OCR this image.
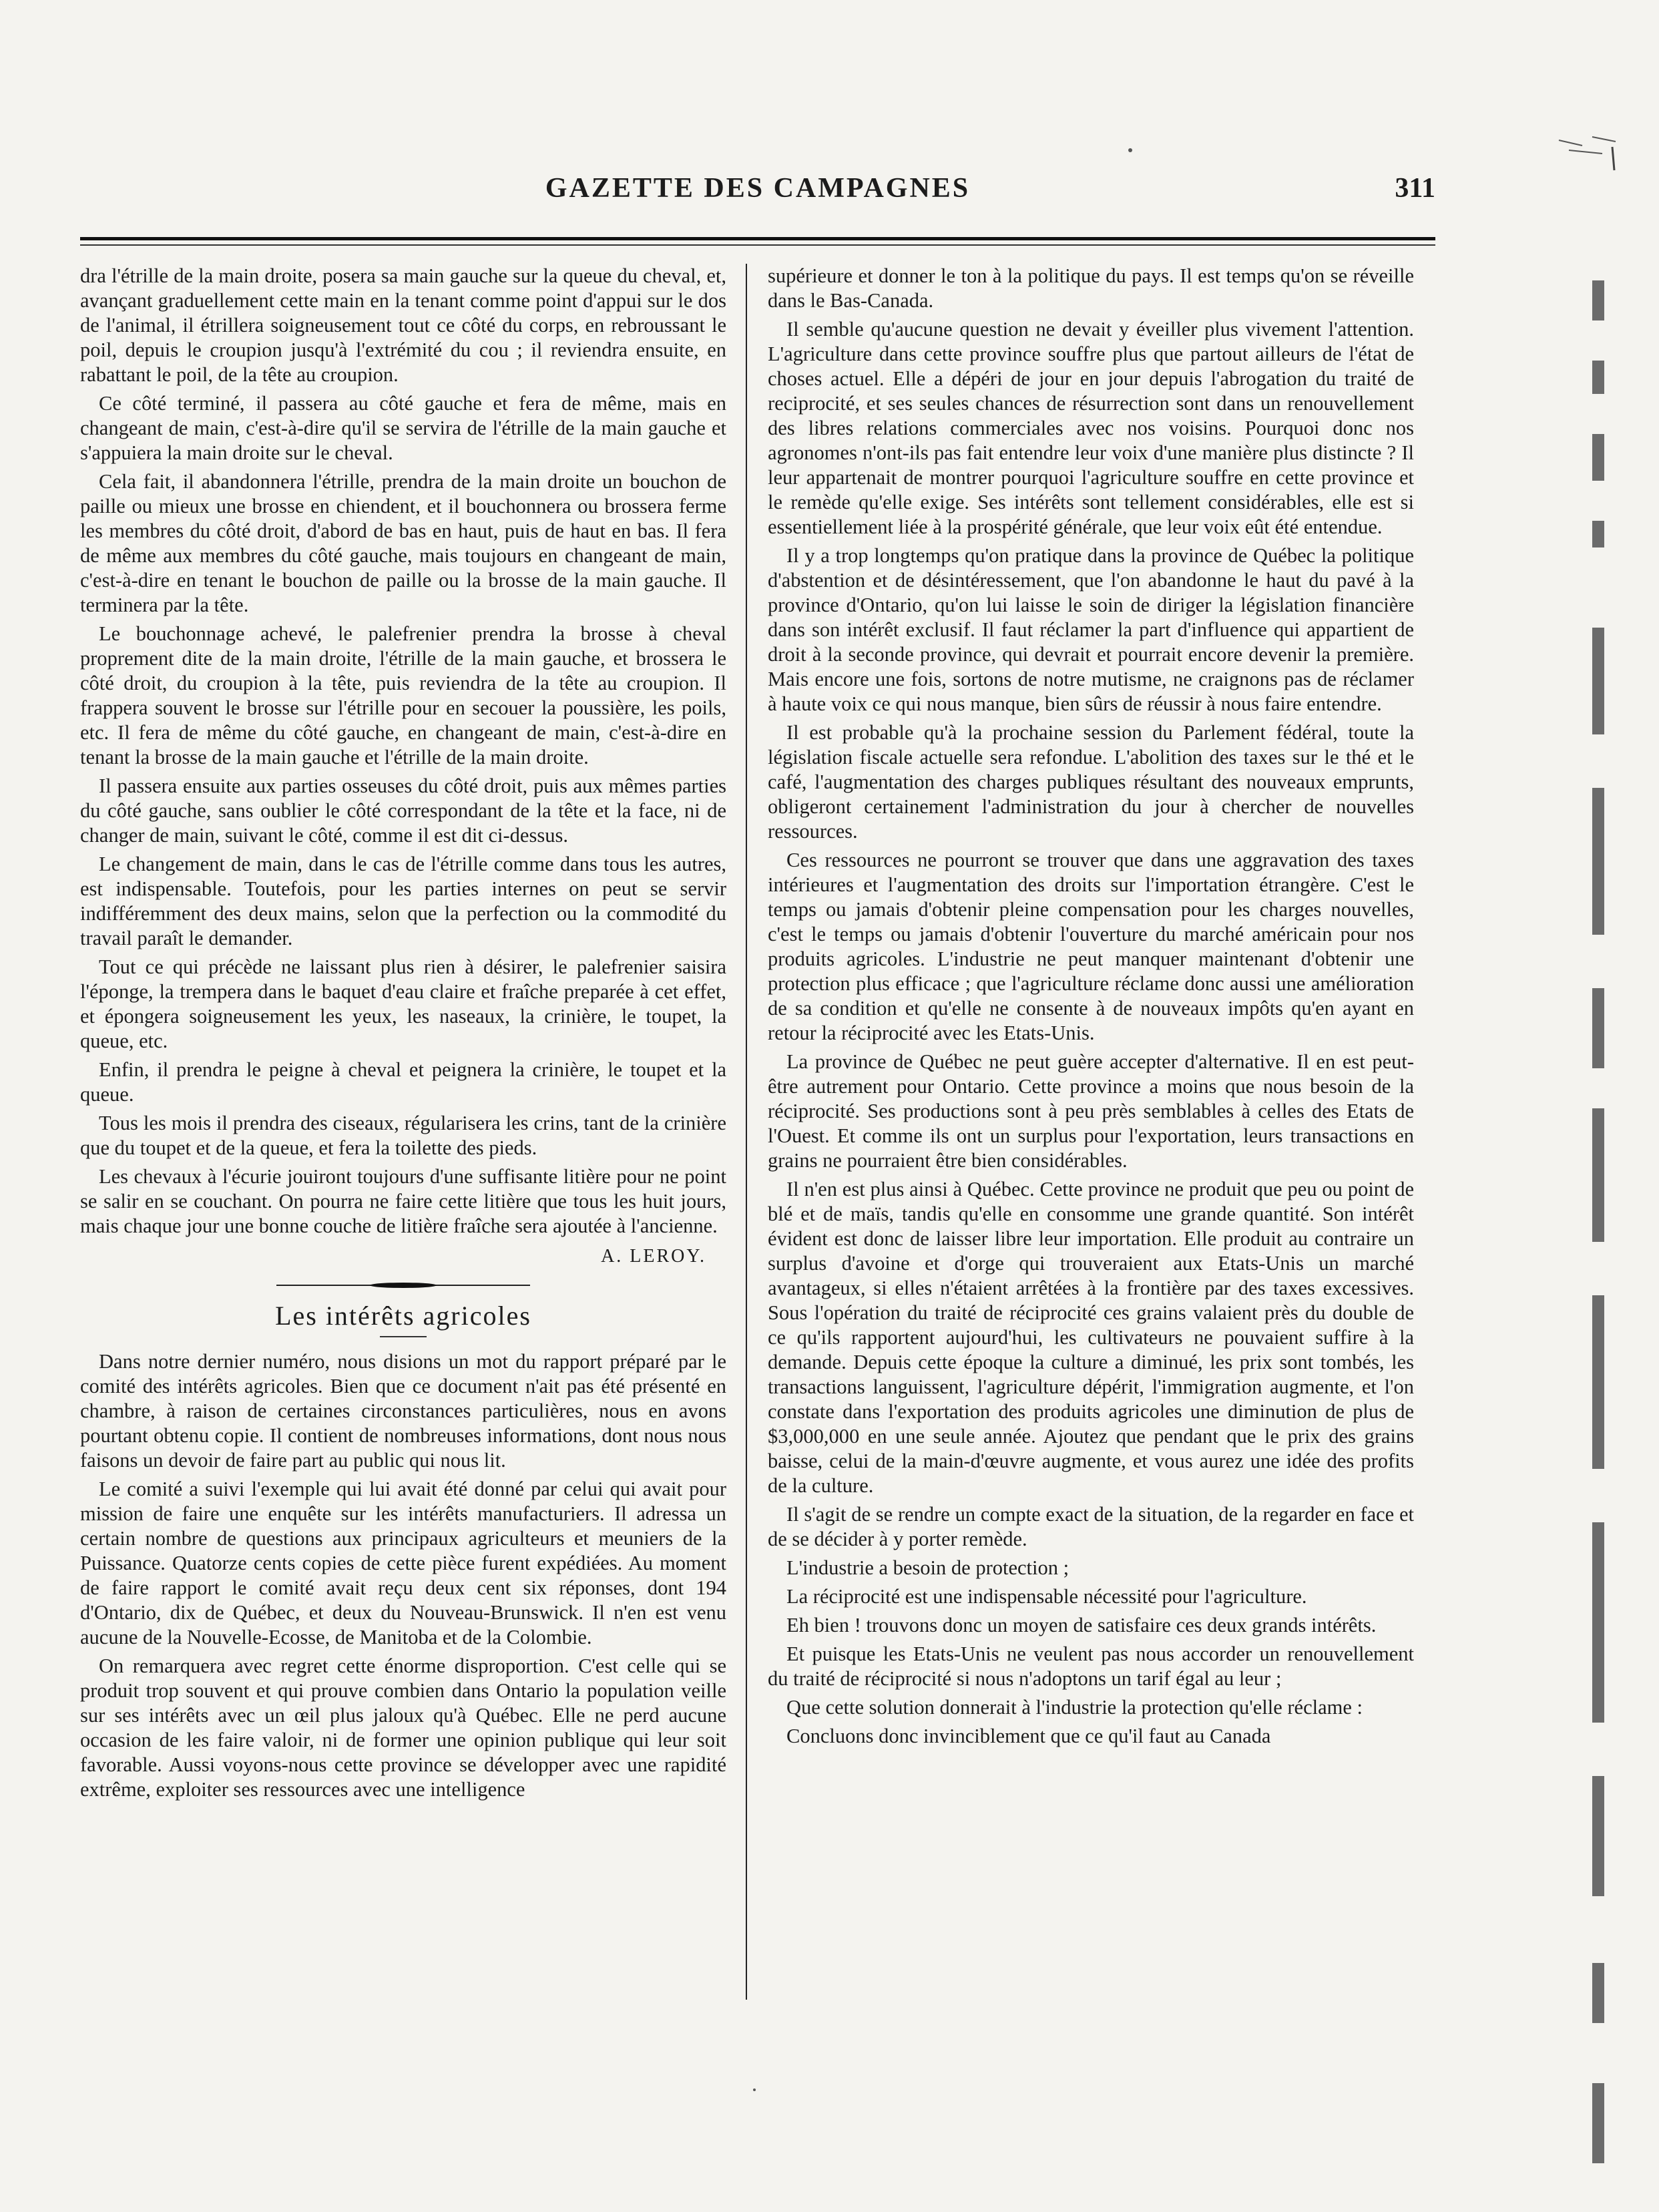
GAZETTE DES CAMPAGNES	311

dra l'étrille de la main droite, posera sa main gauche sur la queue du cheval, et, avançant graduellement cette main en la tenant comme point d'appui sur le dos de l'animal, il étrillera soigneusement tout ce côté du corps, en rebroussant le poil, depuis le croupion jusqu'à l'extrémité du cou ; il reviendra ensuite, en rabattant le poil, de la tête au croupion.

Ce côté terminé, il passera au côté gauche et fera de même, mais en changeant de main, c'est-à-dire qu'il se servira de l'étrille de la main gauche et s'appuiera la main droite sur le cheval.

Cela fait, il abandonnera l'étrille, prendra de la main droite un bouchon de paille ou mieux une brosse en chiendent, et il bouchonnera ou brossera ferme les membres du côté droit, d'abord de bas en haut, puis de haut en bas. Il fera de même aux membres du côté gauche, mais toujours en changeant de main, c'est-à-dire en tenant le bouchon de paille ou la brosse de la main gauche. Il terminera par la tête.

Le bouchonnage achevé, le palefrenier prendra la brosse à cheval proprement dite de la main droite, l'étrille de la main gauche, et brossera le côté droit, du croupion à la tête, puis reviendra de la tête au croupion. Il frappera souvent le brosse sur l'étrille pour en secouer la poussière, les poils, etc. Il fera de même du côté gauche, en changeant de main, c'est-à-dire en tenant la brosse de la main gauche et l'étrille de la main droite.

Il passera ensuite aux parties osseuses du côté droit, puis aux mêmes parties du côté gauche, sans oublier le côté correspondant de la tête et la face, ni de changer de main, suivant le côté, comme il est dit ci-dessus.

Le changement de main, dans le cas de l'étrille comme dans tous les autres, est indispensable. Toutefois, pour les parties internes on peut se servir indifféremment des deux mains, selon que la perfection ou la commodité du travail paraît le demander.

Tout ce qui précède ne laissant plus rien à désirer, le palefrenier saisira l'éponge, la trempera dans le baquet d'eau claire et fraîche preparée à cet effet, et épongera soigneusement les yeux, les naseaux, la crinière, le toupet, la queue, etc.

Enfin, il prendra le peigne à cheval et peignera la crinière, le toupet et la queue.

Tous les mois il prendra des ciseaux, régularisera les crins, tant de la crinière que du toupet et de la queue, et fera la toilette des pieds.

Les chevaux à l'écurie jouiront toujours d'une suffisante litière pour ne point se salir en se couchant. On pourra ne faire cette litière que tous les huit jours, mais chaque jour une bonne couche de litière fraîche sera ajoutée à l'ancienne.

A. LEROY.

Les intérêts agricoles

Dans notre dernier numéro, nous disions un mot du rapport préparé par le comité des intérêts agricoles. Bien que ce document n'ait pas été présenté en chambre, à raison de certaines circonstances particulières, nous en avons pourtant obtenu copie. Il contient de nombreuses informations, dont nous nous faisons un devoir de faire part au public qui nous lit.

Le comité a suivi l'exemple qui lui avait été donné par celui qui avait pour mission de faire une enquête sur les intérêts manufacturiers. Il adressa un certain nombre de questions aux principaux agriculteurs et meuniers de la Puissance. Quatorze cents copies de cette pièce furent expédiées. Au moment de faire rapport le comité avait reçu deux cent six réponses, dont 194 d'Ontario, dix de Québec, et deux du Nouveau-Brunswick. Il n'en est venu aucune de la Nouvelle-Ecosse, de Manitoba et de la Colombie.

On remarquera avec regret cette énorme disproportion. C'est celle qui se produit trop souvent et qui prouve combien dans Ontario la population veille sur ses intérêts avec un œil plus jaloux qu'à Québec. Elle ne perd aucune occasion de les faire valoir, ni de former une opinion publique qui leur soit favorable. Aussi voyons-nous cette province se développer avec une rapidité extrême, exploiter ses ressources avec une intelligence

supérieure et donner le ton à la politique du pays. Il est temps qu'on se réveille dans le Bas-Canada.

Il semble qu'aucune question ne devait y éveiller plus vivement l'attention. L'agriculture dans cette province souffre plus que partout ailleurs de l'état de choses actuel. Elle a dépéri de jour en jour depuis l'abrogation du traité de reciprocité, et ses seules chances de résurrection sont dans un renouvellement des libres relations commerciales avec nos voisins. Pourquoi donc nos agronomes n'ont-ils pas fait entendre leur voix d'une manière plus distincte ? Il leur appartenait de montrer pourquoi l'agriculture souffre en cette province et le remède qu'elle exige. Ses intérêts sont tellement considérables, elle est si essentiellement liée à la prospérité générale, que leur voix eût été entendue.

Il y a trop longtemps qu'on pratique dans la province de Québec la politique d'abstention et de désintéressement, que l'on abandonne le haut du pavé à la province d'Ontario, qu'on lui laisse le soin de diriger la législation financière dans son intérêt exclusif. Il faut réclamer la part d'influence qui appartient de droit à la seconde province, qui devrait et pourrait encore devenir la première. Mais encore une fois, sortons de notre mutisme, ne craignons pas de réclamer à haute voix ce qui nous manque, bien sûrs de réussir à nous faire entendre.

Il est probable qu'à la prochaine session du Parlement fédéral, toute la législation fiscale actuelle sera refondue. L'abolition des taxes sur le thé et le café, l'augmentation des charges publiques résultant des nouveaux emprunts, obligeront certainement l'administration du jour à chercher de nouvelles ressources.

Ces ressources ne pourront se trouver que dans une aggravation des taxes intérieures et l'augmentation des droits sur l'importation étrangère. C'est le temps ou jamais d'obtenir pleine compensation pour les charges nouvelles, c'est le temps ou jamais d'obtenir l'ouverture du marché américain pour nos produits agricoles. L'industrie ne peut manquer maintenant d'obtenir une protection plus efficace ; que l'agriculture réclame donc aussi une amélioration de sa condition et qu'elle ne consente à de nouveaux impôts qu'en ayant en retour la réciprocité avec les Etats-Unis.

La province de Québec ne peut guère accepter d'alternative. Il en est peut-être autrement pour Ontario. Cette province a moins que nous besoin de la réciprocité. Ses productions sont à peu près semblables à celles des Etats de l'Ouest. Et comme ils ont un surplus pour l'exportation, leurs transactions en grains ne pourraient être bien considérables.

Il n'en est plus ainsi à Québec. Cette province ne produit que peu ou point de blé et de maïs, tandis qu'elle en consomme une grande quantité. Son intérêt évident est donc de laisser libre leur importation. Elle produit au contraire un surplus d'avoine et d'orge qui trouveraient aux Etats-Unis un marché avantageux, si elles n'étaient arrêtées à la frontière par des taxes excessives. Sous l'opération du traité de réciprocité ces grains valaient près du double de ce qu'ils rapportent aujourd'hui, les cultivateurs ne pouvaient suffire à la demande. Depuis cette époque la culture a diminué, les prix sont tombés, les transactions languissent, l'agriculture dépérit, l'immigration augmente, et l'on constate dans l'exportation des produits agricoles une diminution de plus de $3,000,000 en une seule année. Ajoutez que pendant que le prix des grains baisse, celui de la main-d'œuvre augmente, et vous aurez une idée des profits de la culture.

Il s'agit de se rendre un compte exact de la situation, de la regarder en face et de se décider à y porter remède.

L'industrie a besoin de protection ;

La réciprocité est une indispensable nécessité pour l'agriculture.

Eh bien ! trouvons donc un moyen de satisfaire ces deux grands intérêts.

Et puisque les Etats-Unis ne veulent pas nous accorder un renouvellement du traité de réciprocité si nous n'adoptons un tarif égal au leur ;

Que cette solution donnerait à l'industrie la protection qu'elle réclame :

Concluons donc invinciblement que ce qu'il faut au Canada
